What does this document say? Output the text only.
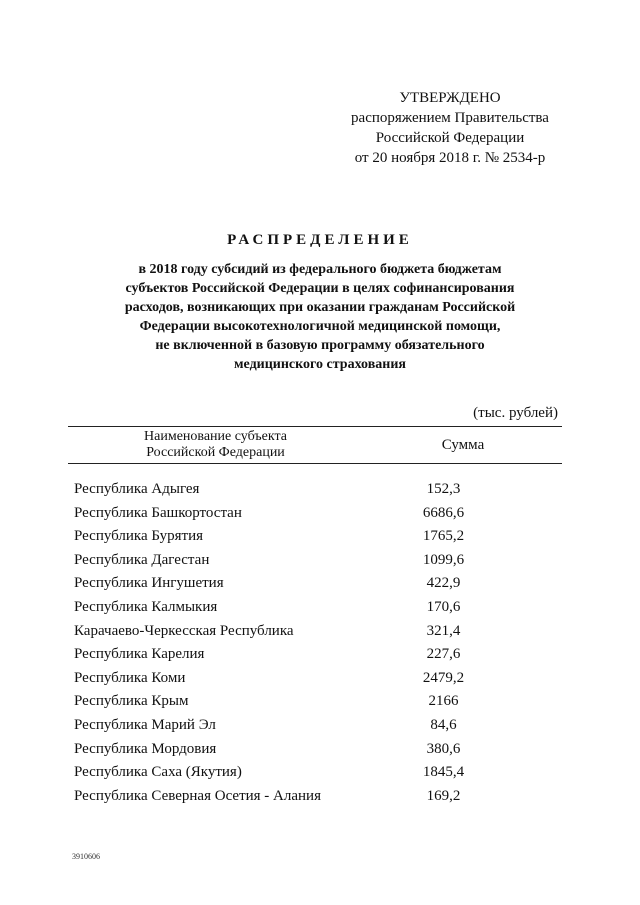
УТВЕРЖДЕНО
распоряжением Правительства
Российской Федерации
от 20 ноября 2018 г. № 2534-р
РАСПРЕДЕЛЕНИЕ
в 2018 году субсидий из федерального бюджета бюджетам
субъектов Российской Федерации в целях софинансирования
расходов, возникающих при оказании гражданам Российской
Федерации высокотехнологичной медицинской помощи,
не включенной в базовую программу обязательного
медицинского страхования
(тыс. рублей)
Наименование субъекта
Российской Федерации	Сумма
Республика Адыгея	152,3
Республика Башкортостан	6686,6
Республика Бурятия	1765,2
Республика Дагестан	1099,6
Республика Ингушетия	422,9
Республика Калмыкия	170,6
Карачаево-Черкесская Республика	321,4
Республика Карелия	227,6
Республика Коми	2479,2
Республика Крым	2166
Республика Марий Эл	84,6
Республика Мордовия	380,6
Республика Саха (Якутия)	1845,4
Республика Северная Осетия - Алания	169,2
3910606
